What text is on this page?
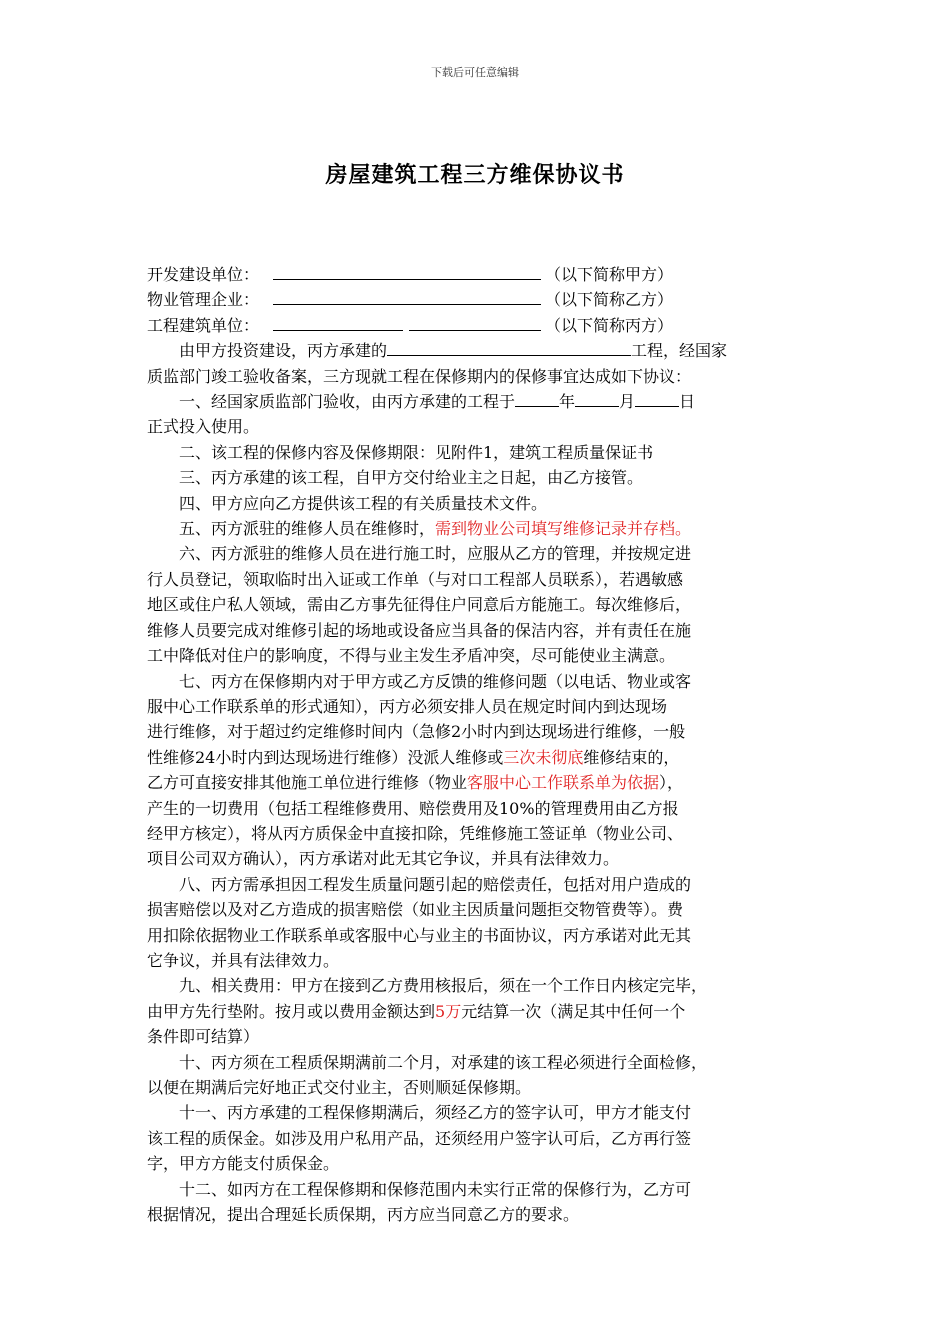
下载后可任意编辑
房屋建筑工程三方维保协议书
开发建设单位：	（以下简称甲方）
物业管理企业：	（以下简称乙方）
工程建筑单位：	（以下简称丙方）
由甲方投资建设，丙方承建的	工程，经国家
质监部门竣工验收备案，三方现就工程在保修期内的保修事宜达成如下协议：
一、经国家质监部门验收，由丙方承建的工程于	年	月	日
正式投入使用。
二、该工程的保修内容及保修期限：见附件1，建筑工程质量保证书
三、丙方承建的该工程，自甲方交付给业主之日起，由乙方接管。
四、甲方应向乙方提供该工程的有关质量技术文件。
五、丙方派驻的维修人员在维修时，需到物业公司填写维修记录并存档。
六、丙方派驻的维修人员在进行施工时，应服从乙方的管理，并按规定进
行人员登记，领取临时出入证或工作单（与对口工程部人员联系），若遇敏感
地区或住户私人领域，需由乙方事先征得住户同意后方能施工。每次维修后，
维修人员要完成对维修引起的场地或设备应当具备的保洁内容，并有责任在施
工中降低对住户的影响度，不得与业主发生矛盾冲突，尽可能使业主满意。
七、丙方在保修期内对于甲方或乙方反馈的维修问题（以电话、物业或客
服中心工作联系单的形式通知），丙方必须安排人员在规定时间内到达现场
进行维修，对于超过约定维修时间内（急修2小时内到达现场进行维修，一般
性维修24小时内到达现场进行维修）没派人维修或三次未彻底维修结束的，
乙方可直接安排其他施工单位进行维修（物业客服中心工作联系单为依据），
产生的一切费用（包括工程维修费用、赔偿费用及10%的管理费用由乙方报
经甲方核定），将从丙方质保金中直接扣除，凭维修施工签证单（物业公司、
项目公司双方确认），丙方承诺对此无其它争议，并具有法律效力。
八、丙方需承担因工程发生质量问题引起的赔偿责任，包括对用户造成的
损害赔偿以及对乙方造成的损害赔偿（如业主因质量问题拒交物管费等）。费
用扣除依据物业工作联系单或客服中心与业主的书面协议，丙方承诺对此无其
它争议，并具有法律效力。
九、相关费用：甲方在接到乙方费用核报后，须在一个工作日内核定完毕，
由甲方先行垫附。按月或以费用金额达到5万元结算一次（满足其中任何一个
条件即可结算）
十、丙方须在工程质保期满前二个月，对承建的该工程必须进行全面检修，
以便在期满后完好地正式交付业主，否则顺延保修期。
十一、丙方承建的工程保修期满后，须经乙方的签字认可，甲方才能支付
该工程的质保金。如涉及用户私用产品，还须经用户签字认可后，乙方再行签
字，甲方方能支付质保金。
十二、如丙方在工程保修期和保修范围内未实行正常的保修行为，乙方可
根据情况，提出合理延长质保期，丙方应当同意乙方的要求。
